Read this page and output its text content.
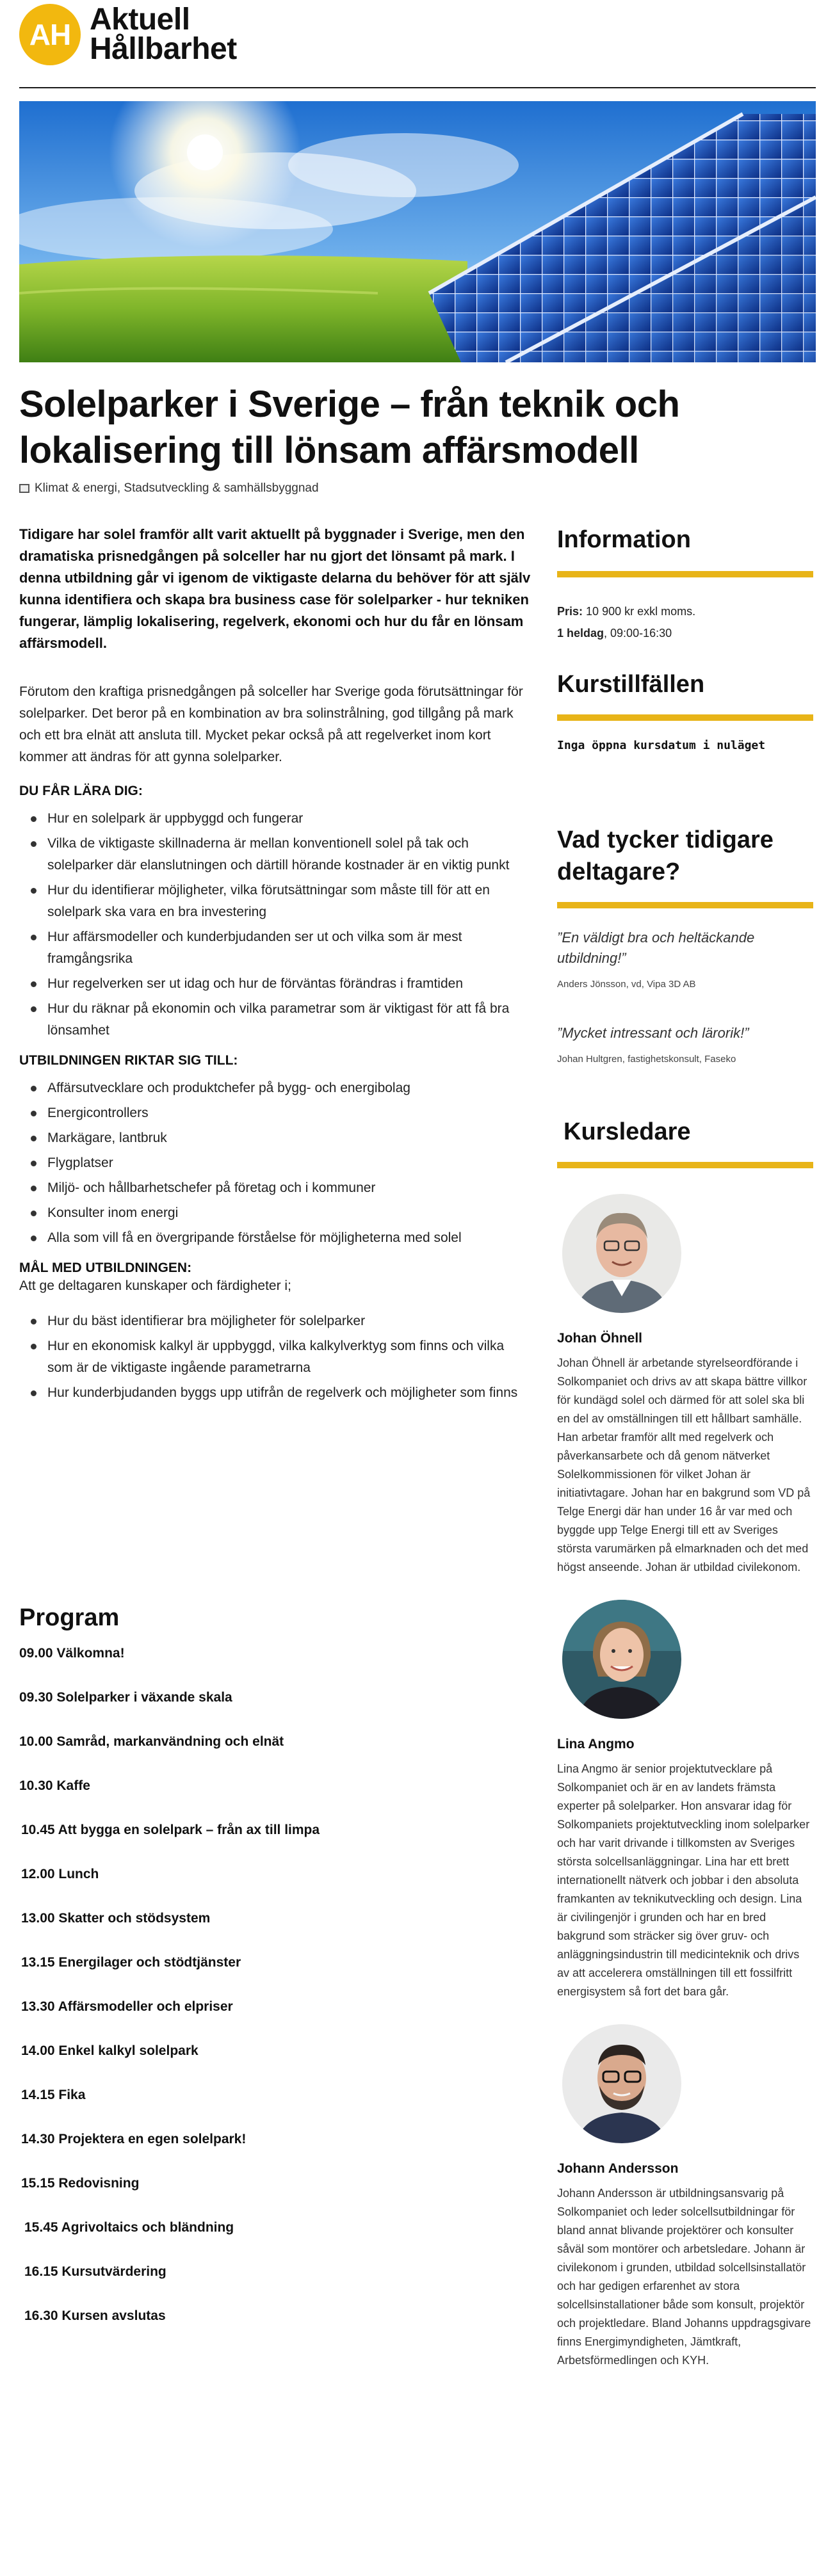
AH Aktuell
Hållbarhet
Solelparker i Sverige – från teknik och lokalisering till lönsam affärsmodell
Klimat & energi, Stadsutveckling & samhällsbyggnad

Tidigare har solel framför allt varit aktuellt på byggnader i Sverige, men den dramatiska prisnedgången på solceller har nu gjort det lönsamt på mark. I denna utbildning går vi igenom de viktigaste delarna du behöver för att själv kunna identifiera och skapa bra business case för solelparker - hur tekniken fungerar, lämplig lokalisering, regelverk, ekonomi och hur du får en lönsam affärsmodell.

Förutom den kraftiga prisnedgången på solceller har Sverige goda förutsättningar för solelparker. Det beror på en kombination av bra solinstrålning, god tillgång på mark och ett bra elnät att ansluta till. Mycket pekar också på att regelverket inom kort kommer att ändras för att gynna solelparker.

DU FÅR LÄRA DIG:
Hur en solelpark är uppbyggd och fungerar
Vilka de viktigaste skillnaderna är mellan konventionell solel på tak och solelparker där elanslutningen och därtill hörande kostnader är en viktig punkt
Hur du identifierar möjligheter, vilka förutsättningar som måste till för att en solelpark ska vara en bra investering
Hur affärsmodeller och kunderbjudanden ser ut och vilka som är mest framgångsrika
Hur regelverken ser ut idag och hur de förväntas förändras i framtiden
Hur du räknar på ekonomin och vilka parametrar som är viktigast för att få bra lönsamhet
UTBILDNINGEN RIKTAR SIG TILL:
Affärsutvecklare och produktchefer på bygg- och energibolag
Energicontrollers
Markägare, lantbruk
Flygplatser
Miljö- och hållbarhetschefer på företag och i kommuner
Konsulter inom energi
Alla som vill få en övergripande förståelse för möjligheterna med solel
MÅL MED UTBILDNINGEN:
Att ge deltagaren kunskaper och färdigheter i;
Hur du bäst identifierar bra möjligheter för solelparker
Hur en ekonomisk kalkyl är uppbyggd, vilka kalkylverktyg som finns och vilka som är de viktigaste ingående parametrarna
Hur kunderbjudanden byggs upp utifrån de regelverk och möjligheter som finns
Program
09.00 Välkomna!
09.30 Solelparker i växande skala
10.00 Samråd, markanvändning och elnät
10.30 Kaffe
10.45 Att bygga en solelpark – från ax till limpa
12.00 Lunch
13.00 Skatter och stödsystem
13.15 Energilager och stödtjänster
13.30 Affärsmodeller och elpriser
14.00 Enkel kalkyl solelpark
14.15 Fika
14.30 Projektera en egen solelpark!
15.15 Redovisning
15.45 Agrivoltaics och bländning
16.15 Kursutvärdering
16.30 Kursen avslutas
Information
Pris: 10 900 kr exkl moms.
1 heldag, 09:00-16:30
Kurstillfällen
Inga öppna kursdatum i nuläget
Vad tycker tidigare deltagare?
”En väldigt bra och heltäckande utbildning!”
Anders Jönsson, vd, Vipa 3D AB
”Mycket intressant och lärorik!”
Johan Hultgren, fastighetskonsult, Faseko
Kursledare
Johan Öhnell
Johan Öhnell är arbetande styrelseordförande i Solkompaniet och drivs av att skapa bättre villkor för kundägd solel och därmed för att solel ska bli en del av omställningen till ett hållbart samhälle. Han arbetar framför allt med regelverk och påverkansarbete och då genom nätverket Solelkommissionen för vilket Johan är initiativtagare. Johan har en bakgrund som VD på Telge Energi där han under 16 år var med och byggde upp Telge Energi till ett av Sveriges största varumärken på elmarknaden och det med högst anseende. Johan är utbildad civilekonom.
Lina Angmo
Lina Angmo är senior projektutvecklare på Solkompaniet och är en av landets främsta experter på solelparker. Hon ansvarar idag för Solkompaniets projektutveckling inom solelparker och har varit drivande i tillkomsten av Sveriges största solcellsanläggningar. Lina har ett brett internationellt nätverk och jobbar i den absoluta framkanten av teknikutveckling och design. Lina är civilingenjör i grunden och har en bred bakgrund som sträcker sig över gruv- och anläggningsindustrin till medicinteknik och drivs av att accelerera omställningen till ett fossilfritt energisystem så fort det bara går.
Johann Andersson
Johann Andersson är utbildningsansvarig på Solkompaniet och leder solcellsutbildningar för bland annat blivande projektörer och konsulter såväl som montörer och arbetsledare. Johann är civilekonom i grunden, utbildad solcellsinstallatör och har gedigen erfarenhet av stora solcellsinstallationer både som konsult, projektör och projektledare. Bland Johanns uppdragsgivare finns Energimyndigheten, Jämtkraft, Arbetsförmedlingen och KYH.
